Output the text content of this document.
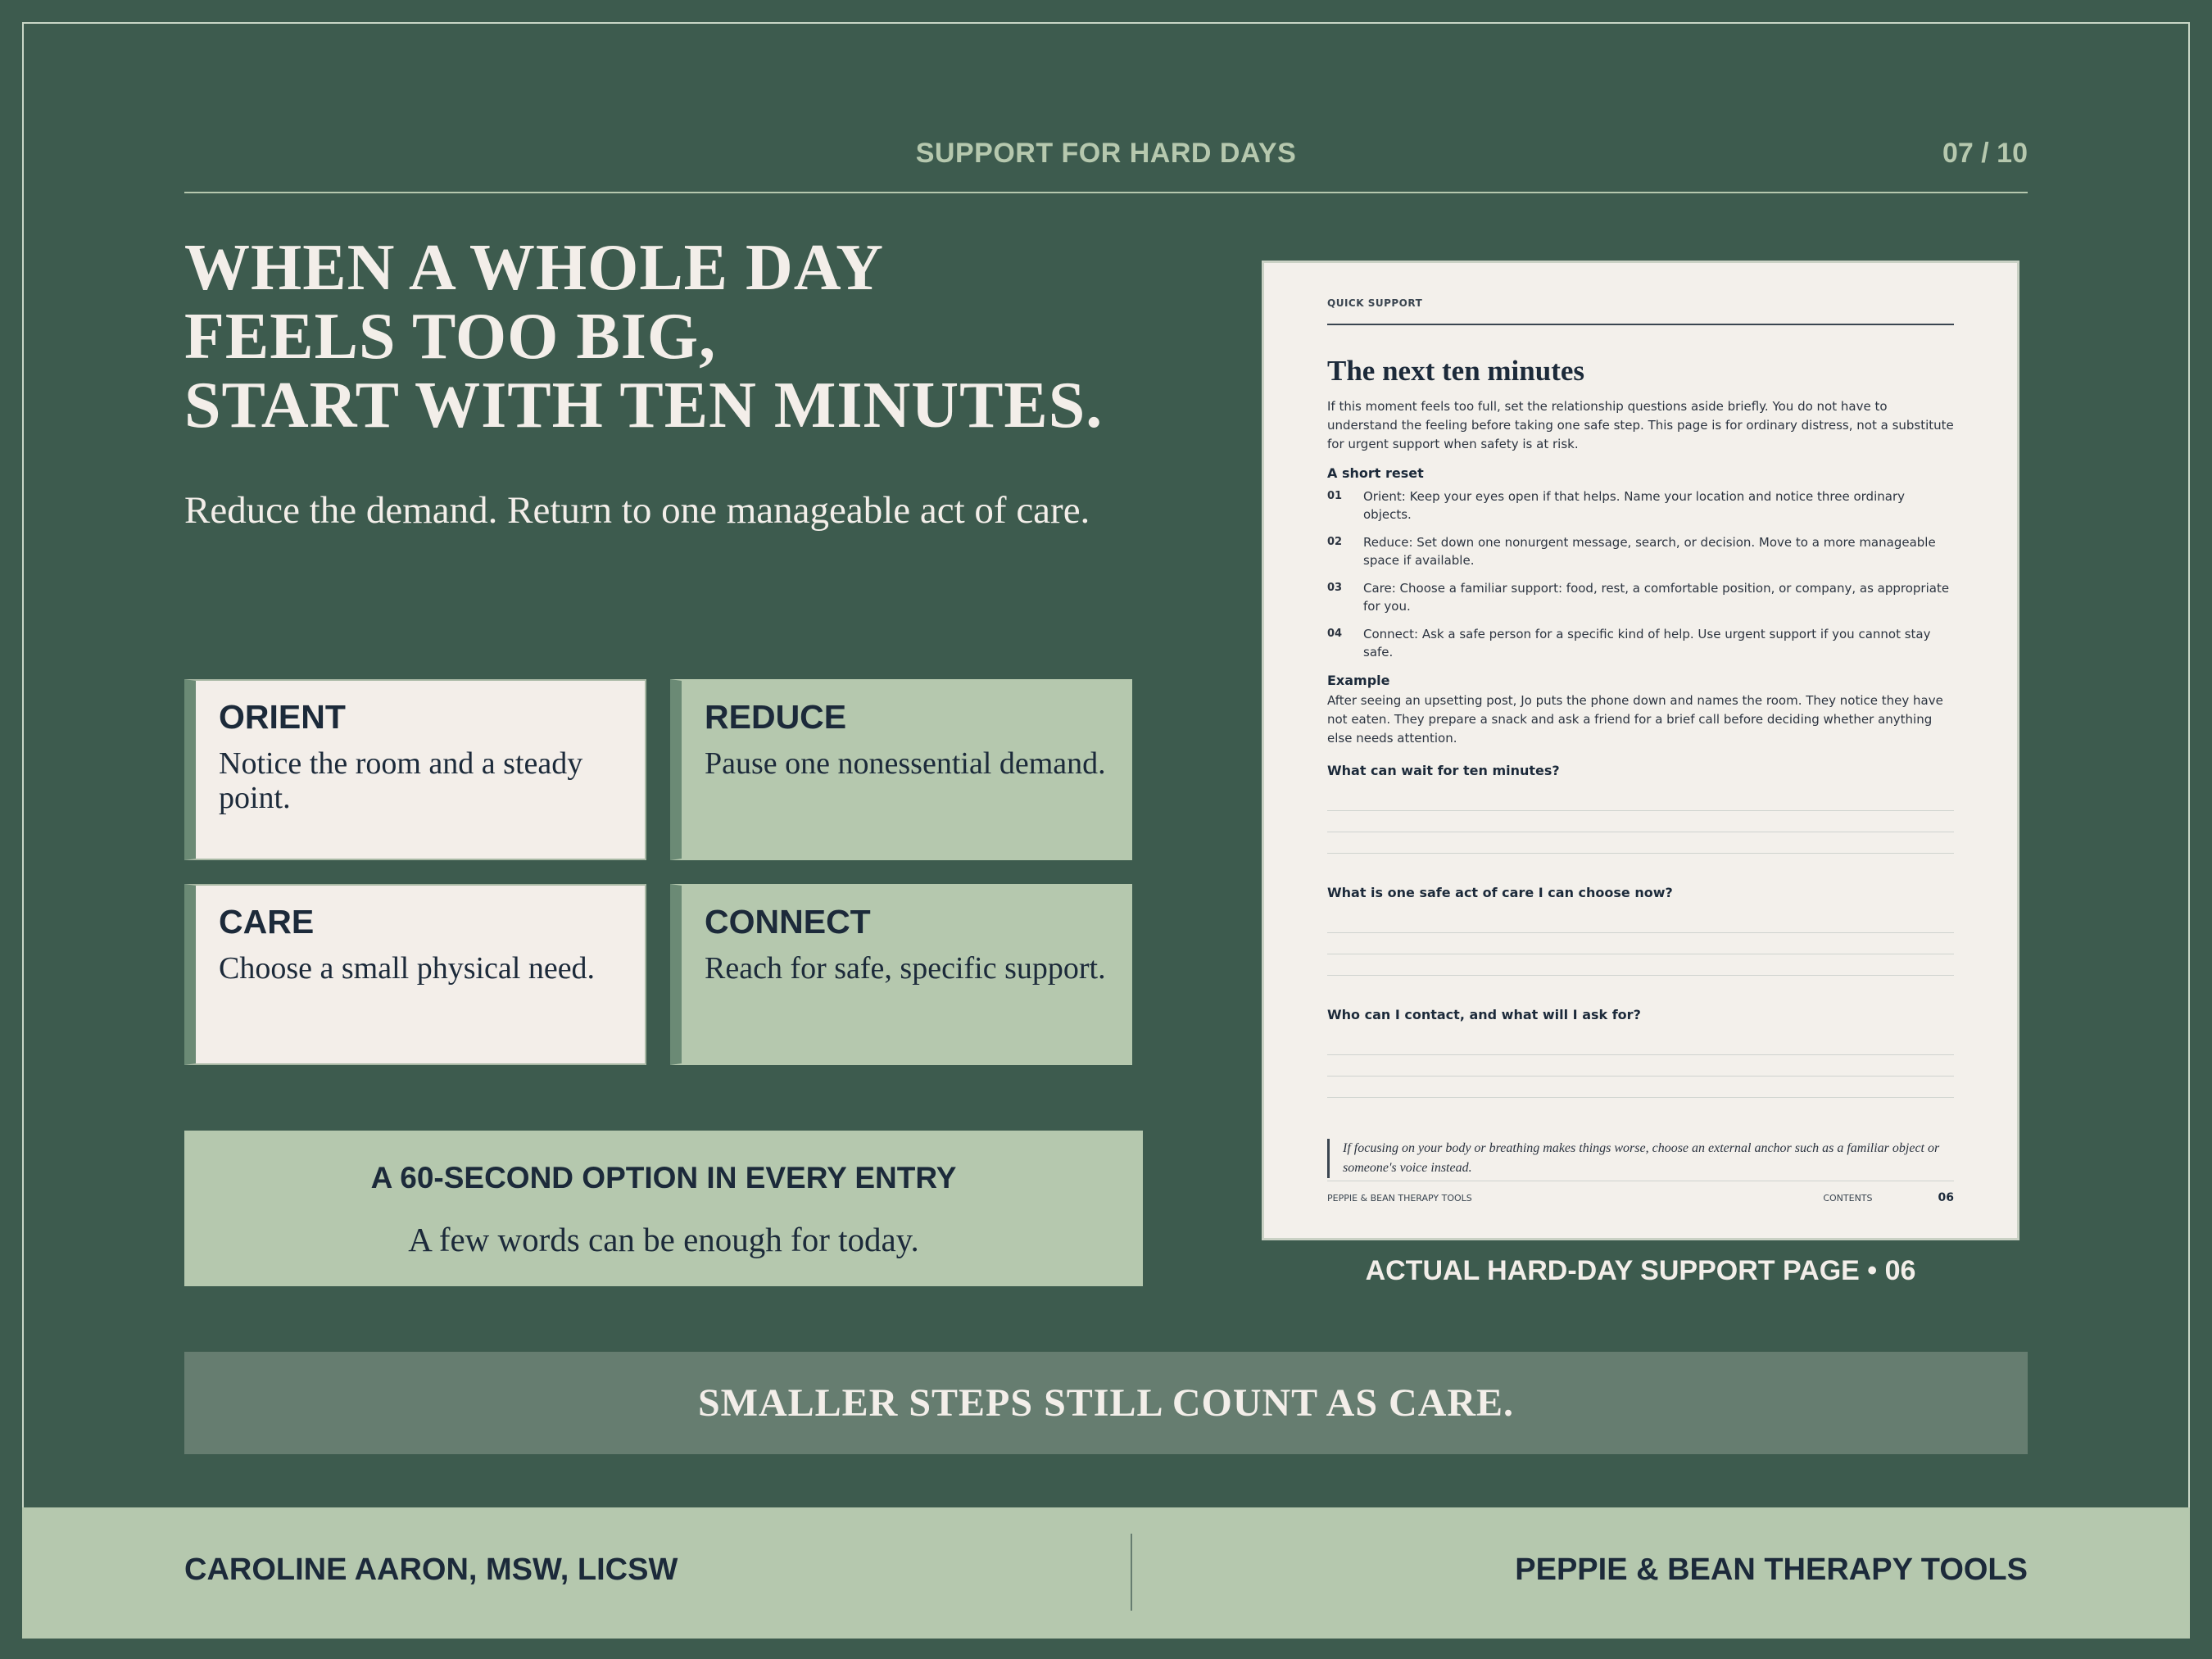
SUPPORT FOR HARD DAYS	07 / 10
WHEN A WHOLE DAY
FEELS TOO BIG,
START WITH TEN MINUTES.

Reduce the demand. Return to one manageable act of care.

ORIENT
Notice the room and a steady point.
REDUCE
Pause one nonessential demand.
CARE
Choose a small physical need.
CONNECT
Reach for safe, specific support.
A 60-SECOND OPTION IN EVERY ENTRY
A few words can be enough for today.
QUICK SUPPORT
The next ten minutes
If this moment feels too full, set the relationship questions aside briefly. You do not have to understand the feeling before taking one safe step. This page is for ordinary distress, not a substitute for urgent support when safety is at risk.
A short reset
01	Orient: Keep your eyes open if that helps. Name your location and notice three ordinary objects.
02	Reduce: Set down one nonurgent message, search, or decision. Move to a more manageable space if available.
03	Care: Choose a familiar support: food, rest, a comfortable position, or company, as appropriate for you.
04	Connect: Ask a safe person for a specific kind of help. Use urgent support if you cannot stay safe.
Example
After seeing an upsetting post, Jo puts the phone down and names the room. They notice they have not eaten. They prepare a snack and ask a friend for a brief call before deciding whether anything else needs attention.
What can wait for ten minutes?
What is one safe act of care I can choose now?
Who can I contact, and what will I ask for?
If focusing on your body or breathing makes things worse, choose an external anchor such as a familiar object or someone's voice instead.
PEPPIE & BEAN THERAPY TOOLS	CONTENTS	06
ACTUAL HARD-DAY SUPPORT PAGE • 06
SMALLER STEPS STILL COUNT AS CARE.
CAROLINE AARON, MSW, LICSW	PEPPIE & BEAN THERAPY TOOLS
